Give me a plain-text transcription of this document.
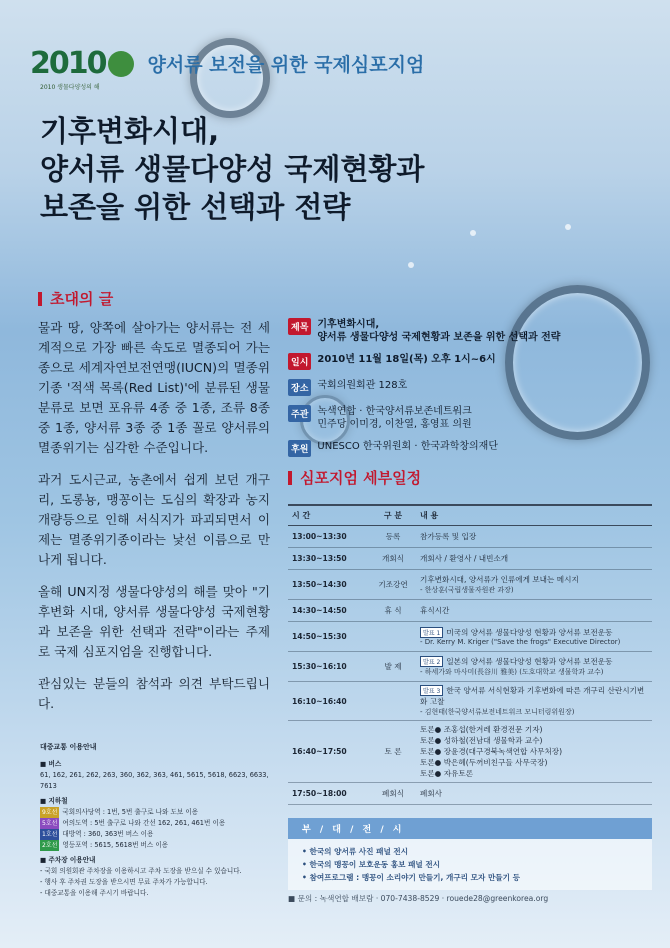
2010
2010 생물다양성의 해
양서류 보전을 위한 국제심포지엄
기후변화시대,
양서류 생물다양성 국제현황과
보존을 위한 선택과 전략
초대의 글

물과 땅, 양쪽에 살아가는 양서류는 전 세계적으로 가장 빠른 속도로 멸종되어 가는 종으로 세계자연보전연맹(IUCN)의 멸종위기종 '적색 목록(Red List)'에 분류된 생물분류로 보면 포유류 4종 중 1종, 조류 8종 중 1종, 양서류 3종 중 1종 꼴로 양서류의 멸종위기는 심각한 수준입니다.

과거 도시근교, 농촌에서 쉽게 보던 개구리, 도롱뇽, 맹꽁이는 도심의 확장과 농지개량등으로 인해 서식지가 파괴되면서 이제는 멸종위기종이라는 낯선 이름으로 만나게 됩니다.

올해 UN지정 생물다양성의 해를 맞아 "기후변화 시대, 양서류 생물다양성 국제현황과 보존을 위한 선택과 전략"이라는 주제로 국제 심포지엄을 진행합니다.

관심있는 분들의 참석과 의견 부탁드립니다.

제목 기후변화시대,
양서류 생물다양성 국제현황과 보존을 위한 선택과 전략
일시 2010년 11월 18일(목) 오후 1시~6시
장소 국회의원회관 128호
주관 녹색연합 · 한국양서류보존네트워크
민주당 이미경, 이찬열, 홍영표 의원
후원 UNESCO 한국위원회 · 한국과학창의재단
심포지엄 세부일정
시 간	구 분	내 용
13:00~13:30	등록	참가등록 및 입장
13:30~13:50	개회식	개회사 / 환영사 / 내빈소개
13:50~14:30	기조강연	기후변화시대, 양서류가 인류에게 보내는 메시지
- 한상훈(국립생물자원관 과장)

14:30~14:50	휴 식	휴식시간
14:50~15:30		발표 1 미국의 양서류 생물다양성 현황과 양서류 보전운동
- Dr. Kerry M. Kriger ("Save the frogs" Executive Director)

15:30~16:10	발 제	발표 2 일본의 양서류 생물다양성 현황과 양서류 보전운동
- 하세가와 마사미(長谷川 雅美) (도호대학교 생물학과 교수)

16:10~16:40		발표 3 한국 양서류 서식현황과 기후변화에 따른 개구리 산란시기변화 고찰
- 김현태(한국양서류보전네트워크 모니터링위원장)

16:40~17:50	토 론	토론● 조홍섭(한겨레 환경전문 기자)
토론● 성하철(전남대 생물학과 교수)
토론● 장윤경(대구경북녹색연합 사무처장)
토론● 박은혜(두꺼비친구들 사무국장)
토론● 자유토론

17:50~18:00	폐회식	폐회사
대중교통 이용안내
■ 버스
61, 162, 261, 262, 263, 360, 362, 363, 461, 5615, 5618, 6623, 6633, 7613
■ 지하철
9호선 국회의사당역 : 1번, 5번 출구로 나와 도보 이용
5호선 여의도역 : 5번 출구로 나와 간선 162, 261, 461번 이용
1호선 대방역 : 360, 363번 버스 이용
2호선 영등포역 : 5615, 5618번 버스 이용
■ 주차장 이용안내
- 국회 의원회관 주차장을 이용하시고 주차 도장을 받으실 수 있습니다.
- 행사 후 주차권 도장을 받으시면 무료 주차가 가능합니다.
- 대중교통을 이용해 주시기 바랍니다.
부 / 대 / 전 / 시
• 한국의 양서류 사진 패널 전시
• 한국의 맹꽁이 보호운동 홍보 패널 전시
• 참여프로그램 : 맹꽁이 소리야기 만들기, 개구리 모자 만들기 등
■ 문의 : 녹색연합 배보람 · 070-7438-8529 · rouede28@greenkorea.org
